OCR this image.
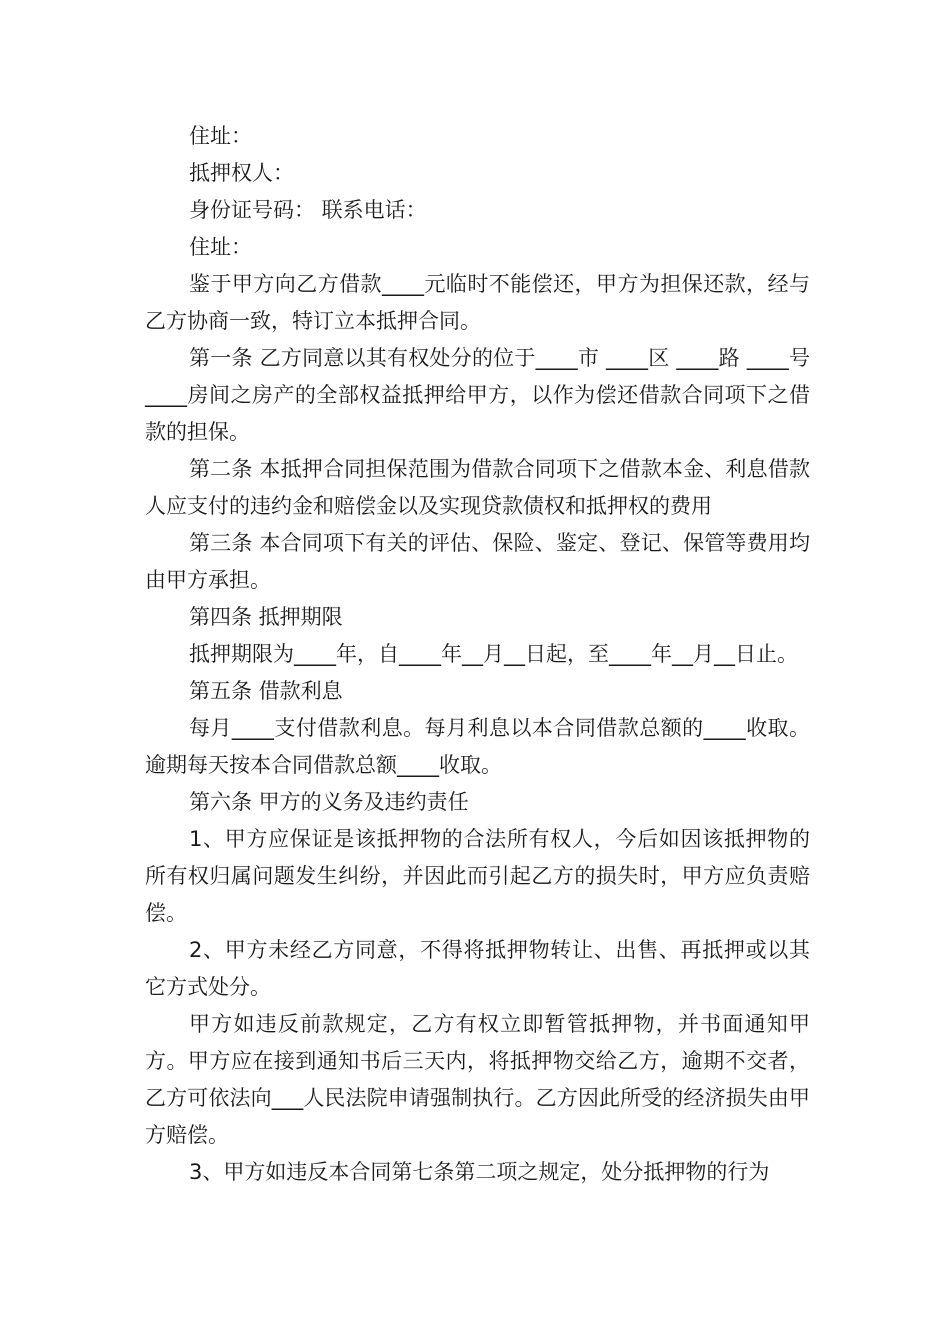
住址：

抵押权人：

身份证号码： 联系电话：

住址：

鉴于甲方向乙方借款____元临时不能偿还，甲方为担保还款，经与乙方协商一致，特订立本抵押合同。

第一条 乙方同意以其有权处分的位于____市 ____区 ____路 ____号____房间之房产的全部权益抵押给甲方，以作为偿还借款合同项下之借款的担保。

第二条 本抵押合同担保范围为借款合同项下之借款本金、利息借款人应支付的违约金和赔偿金以及实现贷款债权和抵押权的费用

第三条 本合同项下有关的评估、保险、鉴定、登记、保管等费用均由甲方承担。

第四条 抵押期限

抵押期限为____年，自____年__月__日起，至____年__月__日止。

第五条 借款利息

每月____支付借款利息。每月利息以本合同借款总额的____收取。逾期每天按本合同借款总额____收取。

第六条 甲方的义务及违约责任

1、甲方应保证是该抵押物的合法所有权人，今后如因该抵押物的所有权归属问题发生纠纷，并因此而引起乙方的损失时，甲方应负责赔偿。

2、甲方未经乙方同意，不得将抵押物转让、出售、再抵押或以其它方式处分。

甲方如违反前款规定，乙方有权立即暂管抵押物，并书面通知甲方。甲方应在接到通知书后三天内，将抵押物交给乙方，逾期不交者，乙方可依法向___人民法院申请强制执行。乙方因此所受的经济损失由甲方赔偿。

3、甲方如违反本合同第七条第二项之规定，处分抵押物的行为
